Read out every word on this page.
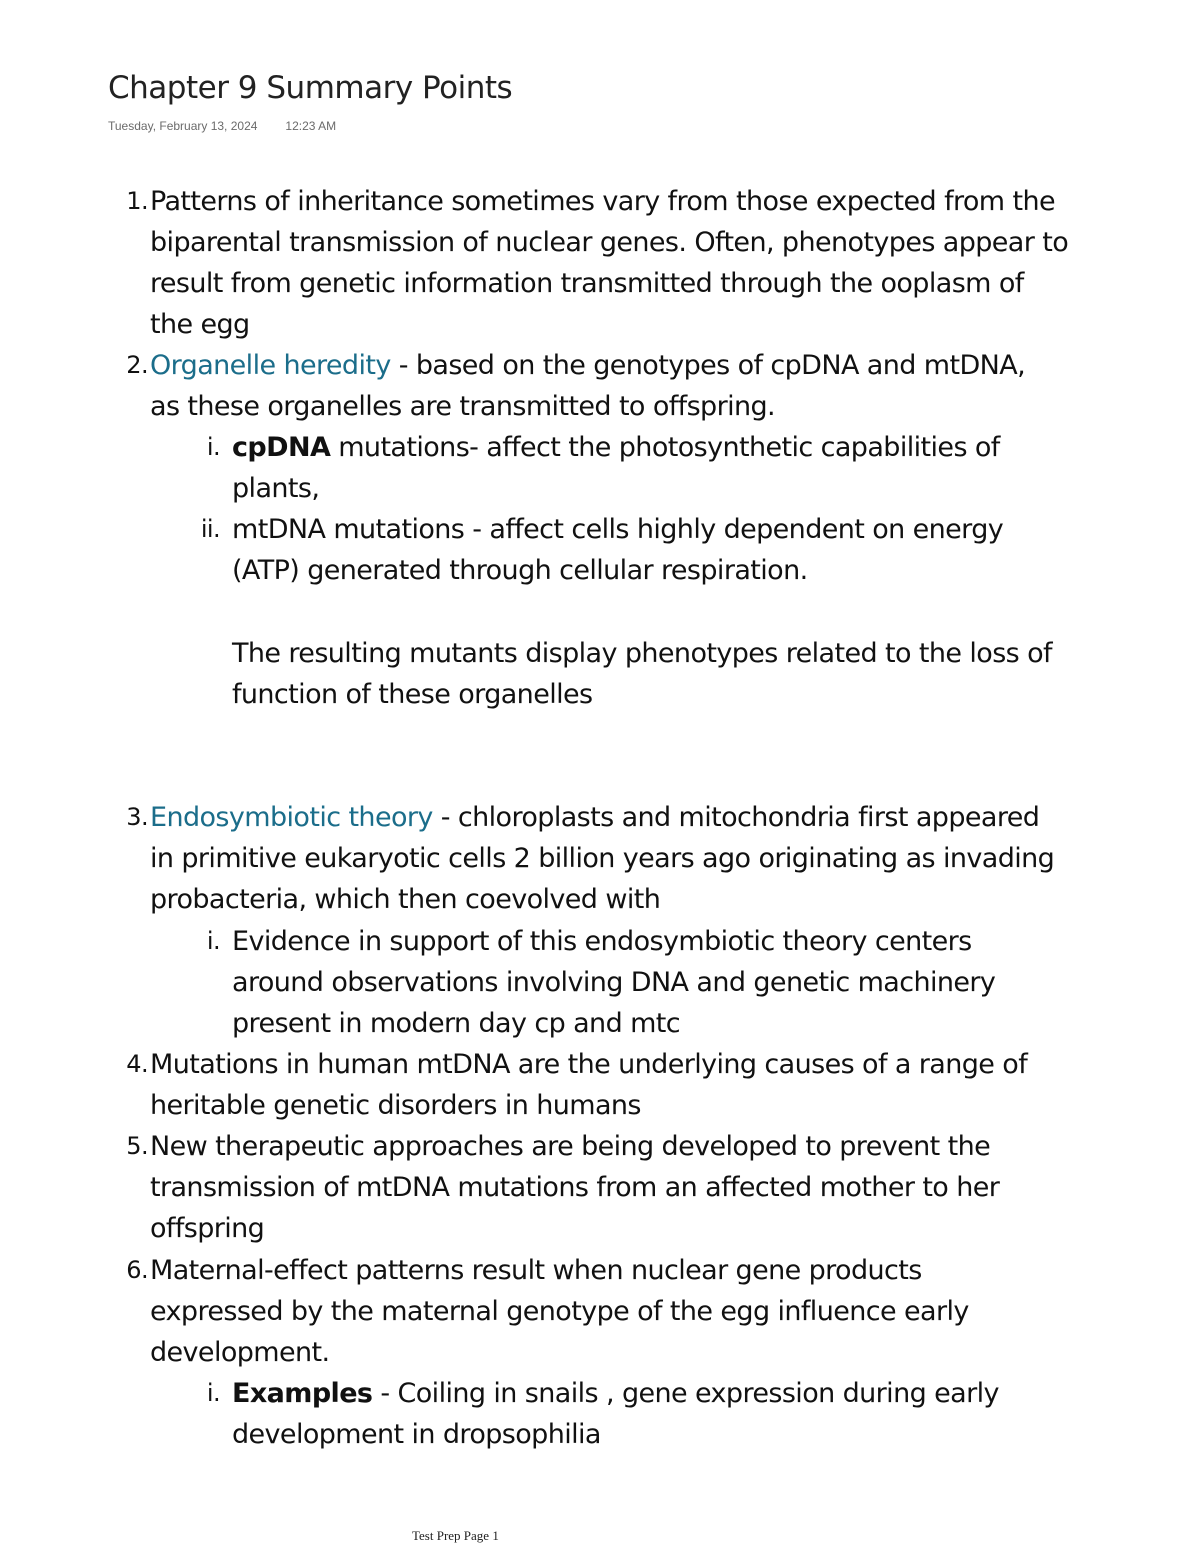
Chapter 9 Summary Points
Tuesday, February 13, 2024 12:23 AM
1. Patterns of inheritance sometimes vary from those expected from the
biparental transmission of nuclear genes. Often, phenotypes appear to
result from genetic information transmitted through the ooplasm of
the egg
2. Organelle heredity - based on the genotypes of cpDNA and mtDNA,
as these organelles are transmitted to offspring.
i. cpDNA mutations- affect the photosynthetic capabilities of
plants,
ii. mtDNA mutations - affect cells highly dependent on energy
(ATP) generated through cellular respiration.
The resulting mutants display phenotypes related to the loss of
function of these organelles
3. Endosymbiotic theory - chloroplasts and mitochondria first appeared
in primitive eukaryotic cells 2 billion years ago originating as invading
probacteria, which then coevolved with
i. Evidence in support of this endosymbiotic theory centers
around observations involving DNA and genetic machinery
present in modern day cp and mtc
4. Mutations in human mtDNA are the underlying causes of a range of
heritable genetic disorders in humans
5. New therapeutic approaches are being developed to prevent the
transmission of mtDNA mutations from an affected mother to her
offspring
6. Maternal-effect patterns result when nuclear gene products
expressed by the maternal genotype of the egg influence early
development.
i. Examples - Coiling in snails , gene expression during early
development in dropsophilia
Test Prep Page 1
